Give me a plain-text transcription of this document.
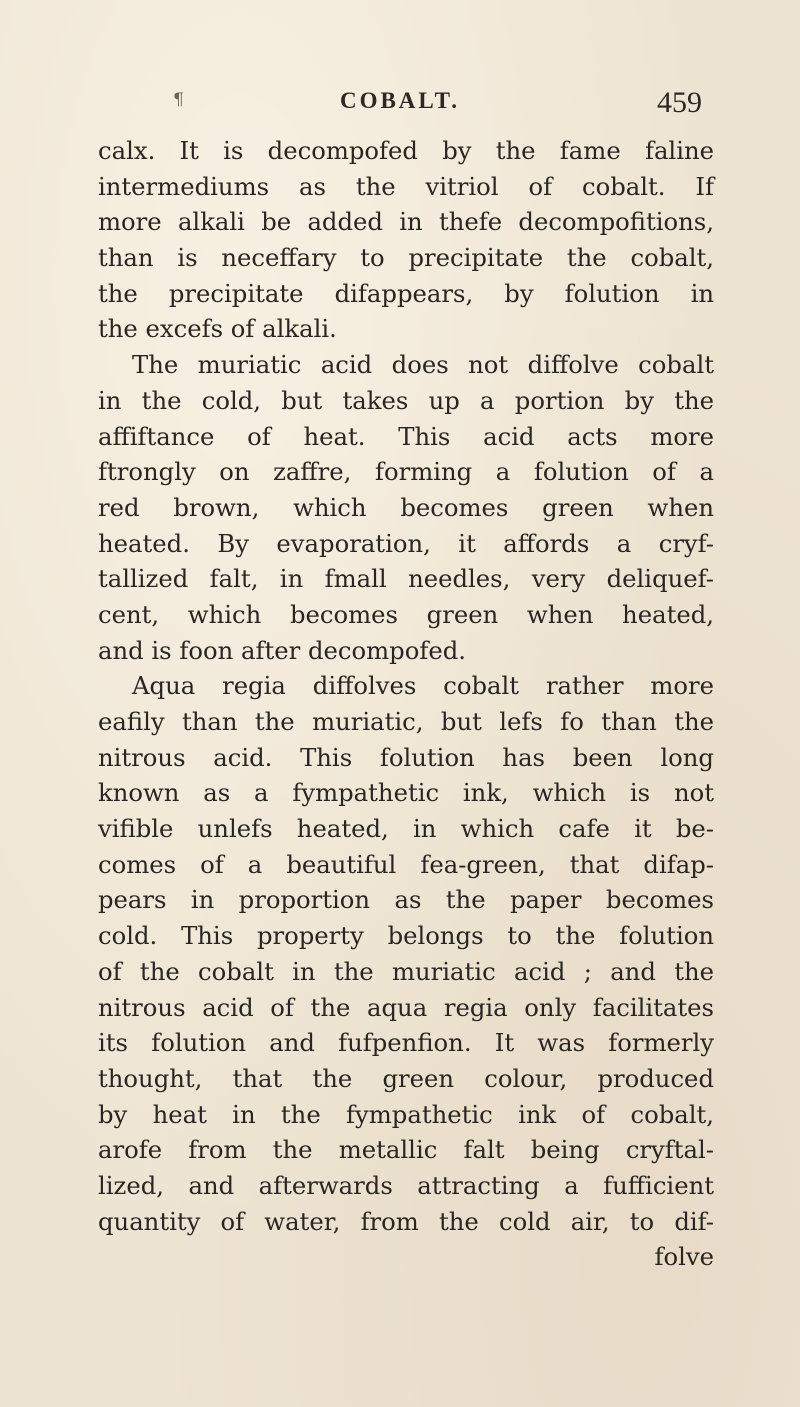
¶	COBALT.	459
calx. It is decompofed by the fame faline
intermediums as the vitriol of cobalt. If
more alkali be added in thefe decompofitions,
than is neceffary to precipitate the cobalt,
the precipitate difappears, by folution in
the excefs of alkali.
The muriatic acid does not diffolve cobalt
in the cold, but takes up a portion by the
affiftance of heat. This acid acts more
ftrongly on zaffre, forming a folution of a
red brown, which becomes green when
heated. By evaporation, it affords a cryf-
tallized falt, in fmall needles, very deliquef-
cent, which becomes green when heated,
and is foon after decompofed.
Aqua regia diffolves cobalt rather more
eafily than the muriatic, but lefs fo than the
nitrous acid. This folution has been long
known as a fympathetic ink, which is not
vifible unlefs heated, in which cafe it be-
comes of a beautiful fea-green, that difap-
pears in proportion as the paper becomes
cold. This property belongs to the folution
of the cobalt in the muriatic acid ; and the
nitrous acid of the aqua regia only facilitates
its folution and fufpenfion. It was formerly
thought, that the green colour, produced
by heat in the fympathetic ink of cobalt,
arofe from the metallic falt being cryftal-
lized, and afterwards attracting a fufficient
quantity of water, from the cold air, to dif-
folve
